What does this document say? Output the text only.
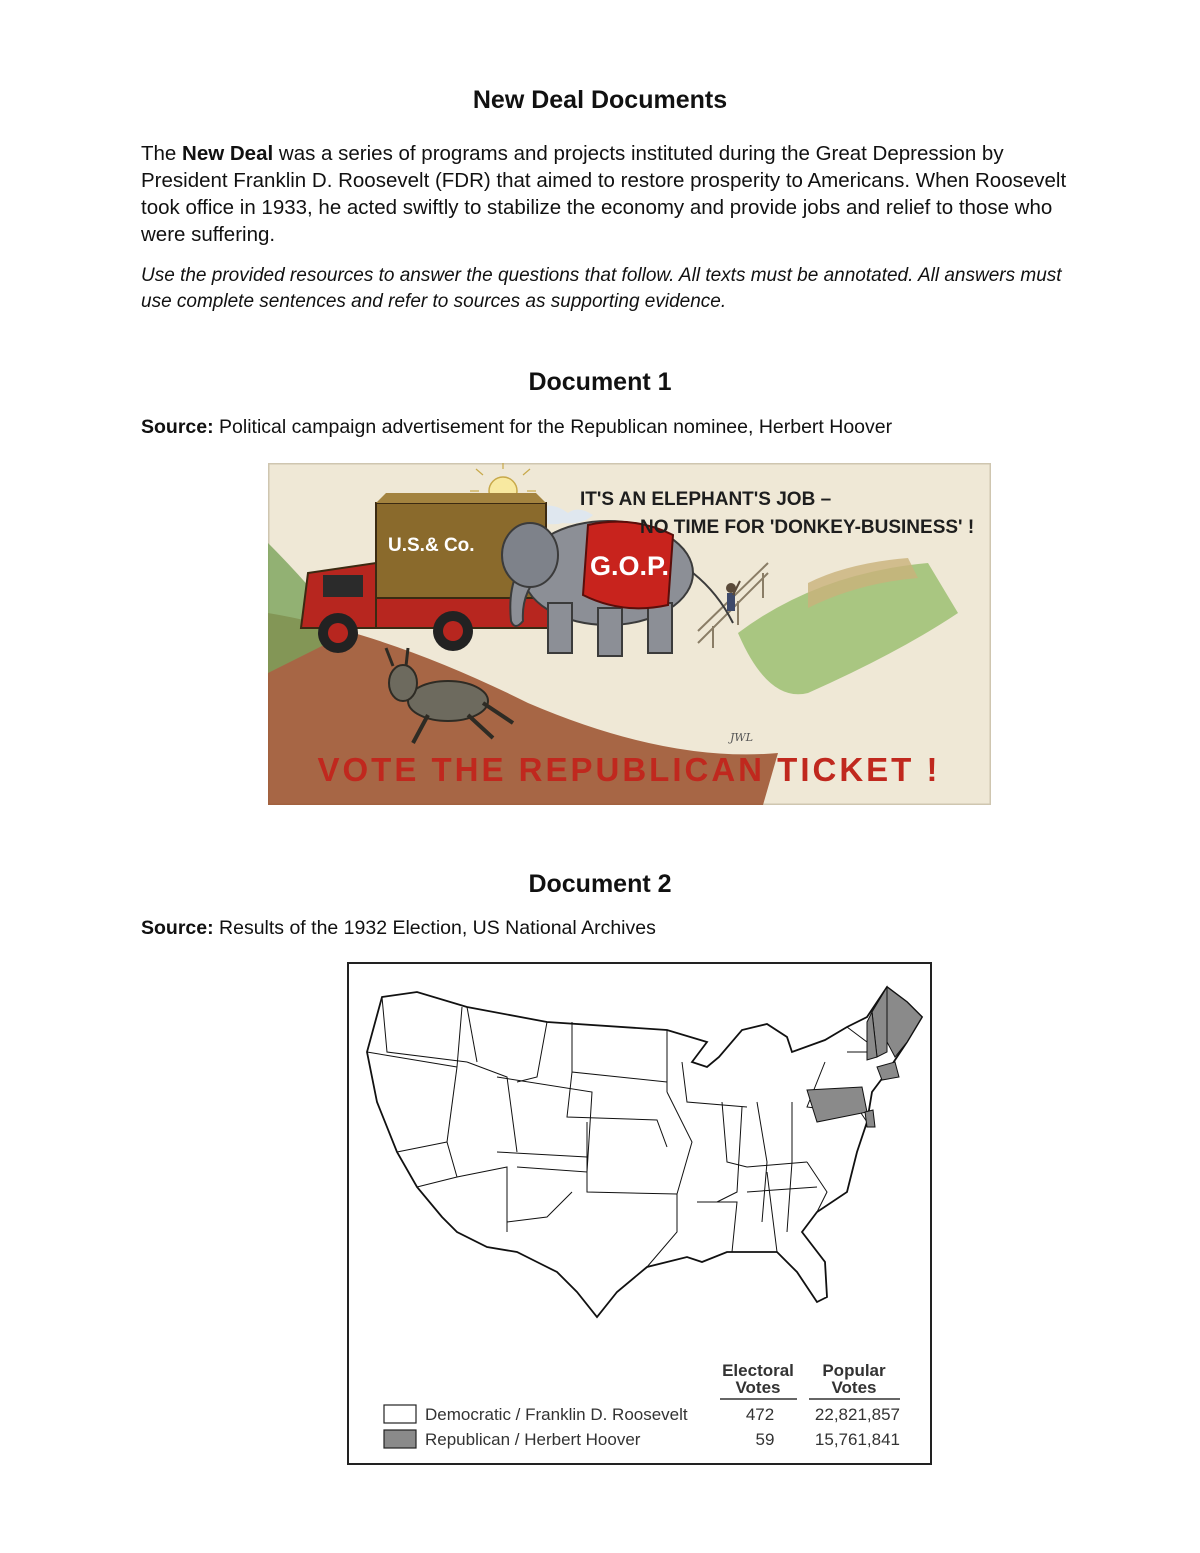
New Deal Documents

The New Deal was a series of programs and projects instituted during the Great Depression by President Franklin D. Roosevelt (FDR) that aimed to restore prosperity to Americans. When Roosevelt took office in 1933, he acted swiftly to stabilize the economy and provide jobs and relief to those who were suffering.

Use the provided resources to answer the questions that follow. All texts must be annotated. All answers must use complete sentences and refer to sources as supporting evidence.

Document 1

Source: Political campaign advertisement for the Republican nominee, Herbert Hoover

U.S.& Co.
G.O.P.
IT'S AN ELEPHANT'S JOB –
NO TIME FOR 'DONKEY-BUSINESS' !
JWL
VOTE THE REPUBLICAN TICKET !
Document 2

Source: Results of the 1932 Election, US National Archives

Electoral
Votes
Popular
Votes
Democratic / Franklin D. Roosevelt	472 22,821,857
Republican / Herbert Hoover	59 15,761,841
